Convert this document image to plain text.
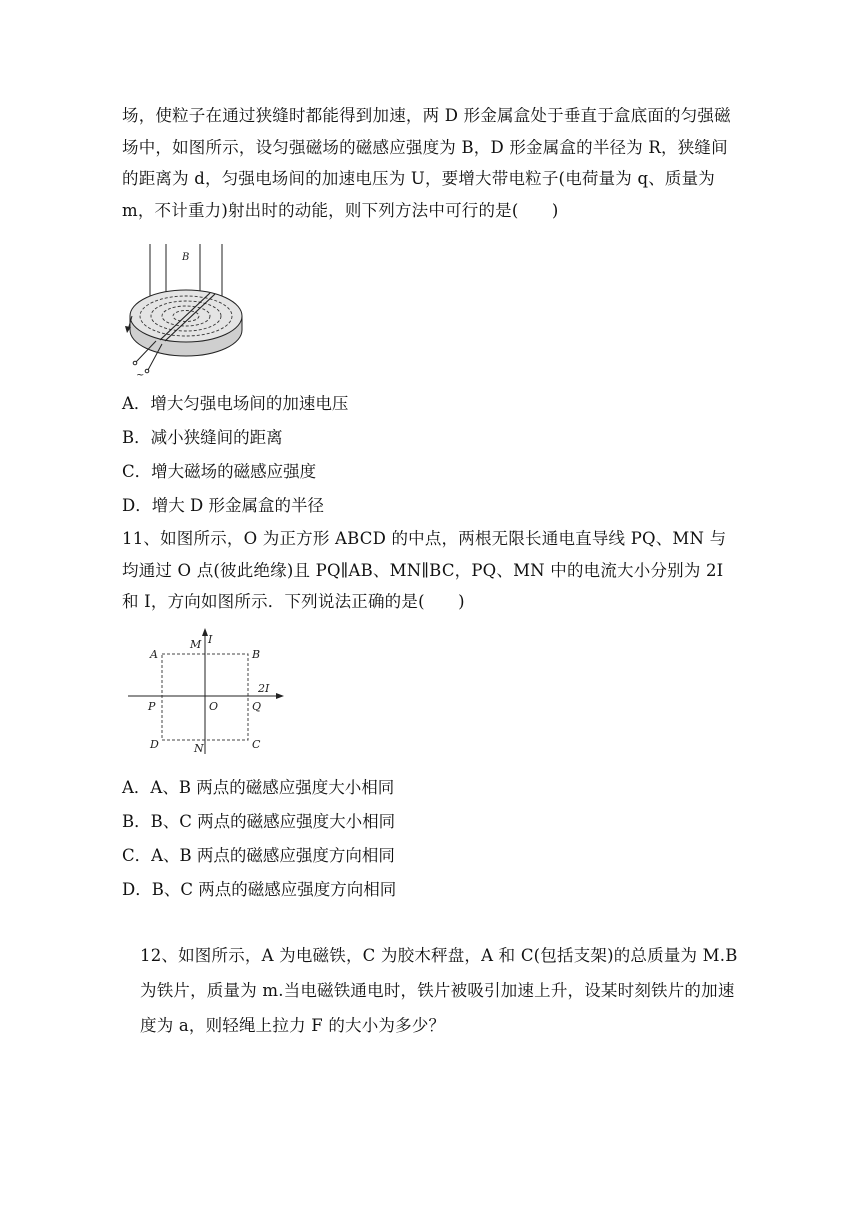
场，使粒子在通过狭缝时都能得到加速，两 D 形金属盒处于垂直于盒底面的匀强磁场中，如图所示，设匀强磁场的磁感应强度为 B，D 形金属盒的半径为 R，狭缝间的距离为 d，匀强电场间的加速电压为 U，要增大带电粒子(电荷量为 q、质量为 m，不计重力)射出时的动能，则下列方法中可行的是(　　)
B
~
A．增大匀强电场间的加速电压
B．减小狭缝间的距离
C．增大磁场的磁感应强度
D．增大 D 形金属盒的半径
11、如图所示，O 为正方形 ABCD 的中点，两根无限长通电直导线 PQ、MN 与均通过 O 点(彼此绝缘)且 PQ∥AB、MN∥BC，PQ、MN 中的电流大小分别为 2I 和 I，方向如图所示．下列说法正确的是(　　)
A	B
C
D
M I
N
P	Q
O
2I
A．A、B 两点的磁感应强度大小相同
B．B、C 两点的磁感应强度大小相同
C．A、B 两点的磁感应强度方向相同
D．B、C 两点的磁感应强度方向相同
12、如图所示，A 为电磁铁，C 为胶木秤盘，A 和 C(包括支架)的总质量为 M.B 为铁片，质量为 m.当电磁铁通电时，铁片被吸引加速上升，设某时刻铁片的加速度为 a，则轻绳上拉力 F 的大小为多少？
